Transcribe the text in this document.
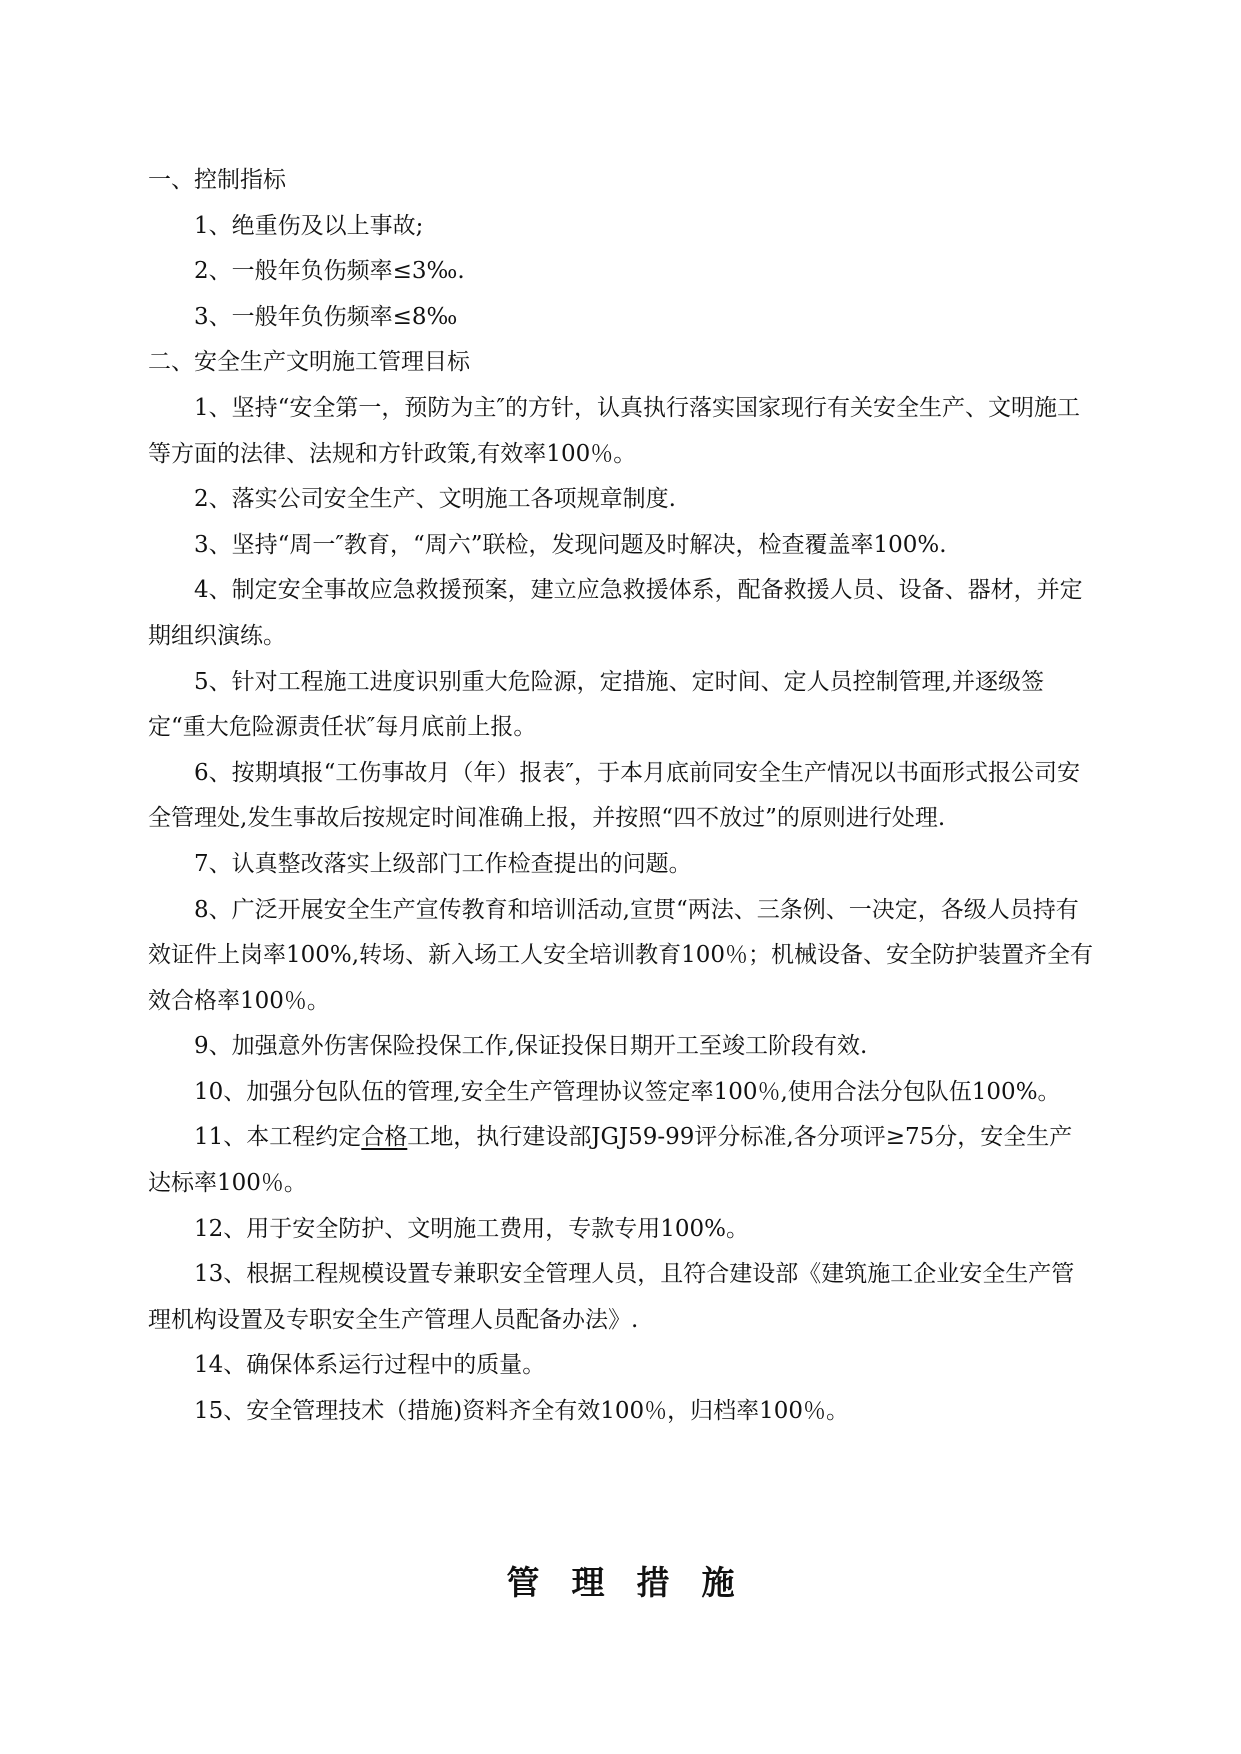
一、控制指标

1、绝重伤及以上事故;

2、一般年负伤频率≤3‰.

3、一般年负伤频率≤8‰

二、安全生产文明施工管理目标

1、坚持“安全第一，预防为主″的方针，认真执行落实国家现行有关安全生产、文明施工等方面的法律、法规和方针政策,有效率100％。

2、落实公司安全生产、文明施工各项规章制度.

3、坚持“周一″教育，“周六”联检，发现问题及时解决，检查覆盖率100%.

4、制定安全事故应急救援预案，建立应急救援体系，配备救援人员、设备、器材，并定期组织演练。

5、针对工程施工进度识别重大危险源，定措施、定时间、定人员控制管理,并逐级签定“重大危险源责任状″每月底前上报。

6、按期填报“工伤事故月（年）报表″，于本月底前同安全生产情况以书面形式报公司安全管理处,发生事故后按规定时间准确上报，并按照“四不放过”的原则进行处理.

7、认真整改落实上级部门工作检查提出的问题。

8、广泛开展安全生产宣传教育和培训活动,宣贯“两法、三条例、一决定，各级人员持有效证件上岗率100%,转场、新入场工人安全培训教育100％；机械设备、安全防护装置齐全有效合格率100％。

9、加强意外伤害保险投保工作,保证投保日期开工至竣工阶段有效.

10、加强分包队伍的管理,安全生产管理协议签定率100％,使用合法分包队伍100%。

11、本工程约定合格工地，执行建设部JGJ59-99评分标准,各分项评≥75分，安全生产达标率100％。

12、用于安全防护、文明施工费用，专款专用100%。

13、根据工程规模设置专兼职安全管理人员，且符合建设部《建筑施工企业安全生产管理机构设置及专职安全生产管理人员配备办法》.

14、确保体系运行过程中的质量。

15、安全管理技术（措施)资料齐全有效100％，归档率100％。

管理措施
